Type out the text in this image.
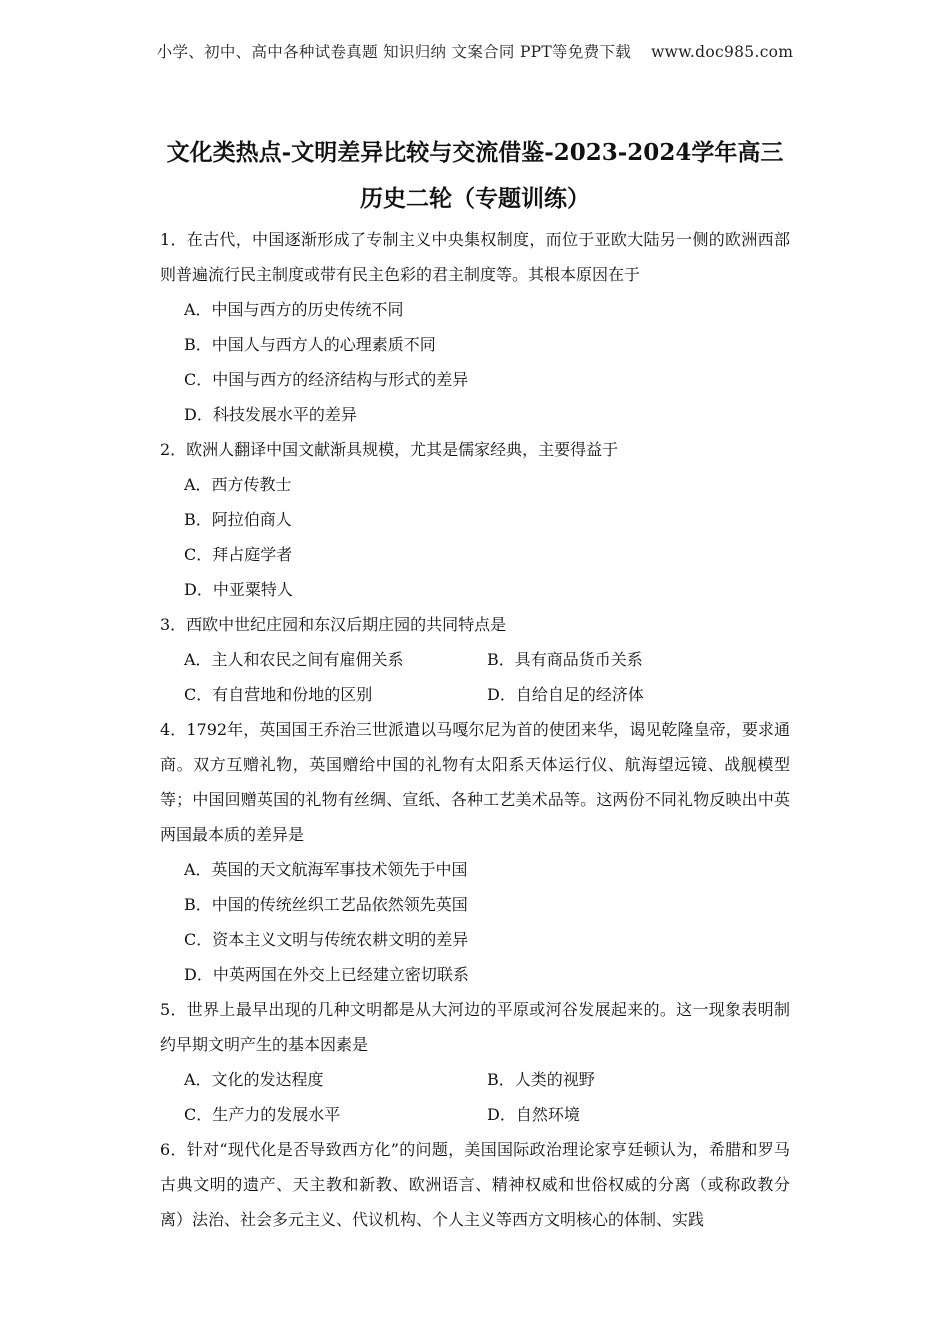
小学、初中、高中各种试卷真题 知识归纳 文案合同 PPT等免费下载 www.doc985.com
文化类热点-文明差异比较与交流借鉴-2023-2024学年高三
历史二轮（专题训练）

1．在古代，中国逐渐形成了专制主义中央集权制度，而位于亚欧大陆另一侧的欧洲西部则普遍流行民主制度或带有民主色彩的君主制度等。其根本原因在于

A．中国与西方的历史传统不同

B．中国人与西方人的心理素质不同

C．中国与西方的经济结构与形式的差异

D．科技发展水平的差异

2．欧洲人翻译中国文献渐具规模，尤其是儒家经典，主要得益于

A．西方传教士

B．阿拉伯商人

C．拜占庭学者

D．中亚粟特人

3．西欧中世纪庄园和东汉后期庄园的共同特点是

A．主人和农民之间有雇佣关系	B．具有商品货币关系
C．有自营地和份地的区别	D．自给自足的经济体

4．1792年，英国国王乔治三世派遣以马嘎尔尼为首的使团来华，谒见乾隆皇帝，要求通商。双方互赠礼物，英国赠给中国的礼物有太阳系天体运行仪、航海望远镜、战舰模型等；中国回赠英国的礼物有丝绸、宣纸、各种工艺美术品等。这两份不同礼物反映出中英两国最本质的差异是

A．英国的天文航海军事技术领先于中国

B．中国的传统丝织工艺品依然领先英国

C．资本主义文明与传统农耕文明的差异

D．中英两国在外交上已经建立密切联系

5．世界上最早出现的几种文明都是从大河边的平原或河谷发展起来的。这一现象表明制约早期文明产生的基本因素是

A．文化的发达程度	B．人类的视野
C．生产力的发展水平	D．自然环境

6．针对“现代化是否导致西方化”的问题，美国国际政治理论家亨廷顿认为，希腊和罗马古典文明的遗产、天主教和新教、欧洲语言、精神权威和世俗权威的分离（或称政教分离）法治、社会多元主义、代议机构、个人主义等西方文明核心的体制、实践
